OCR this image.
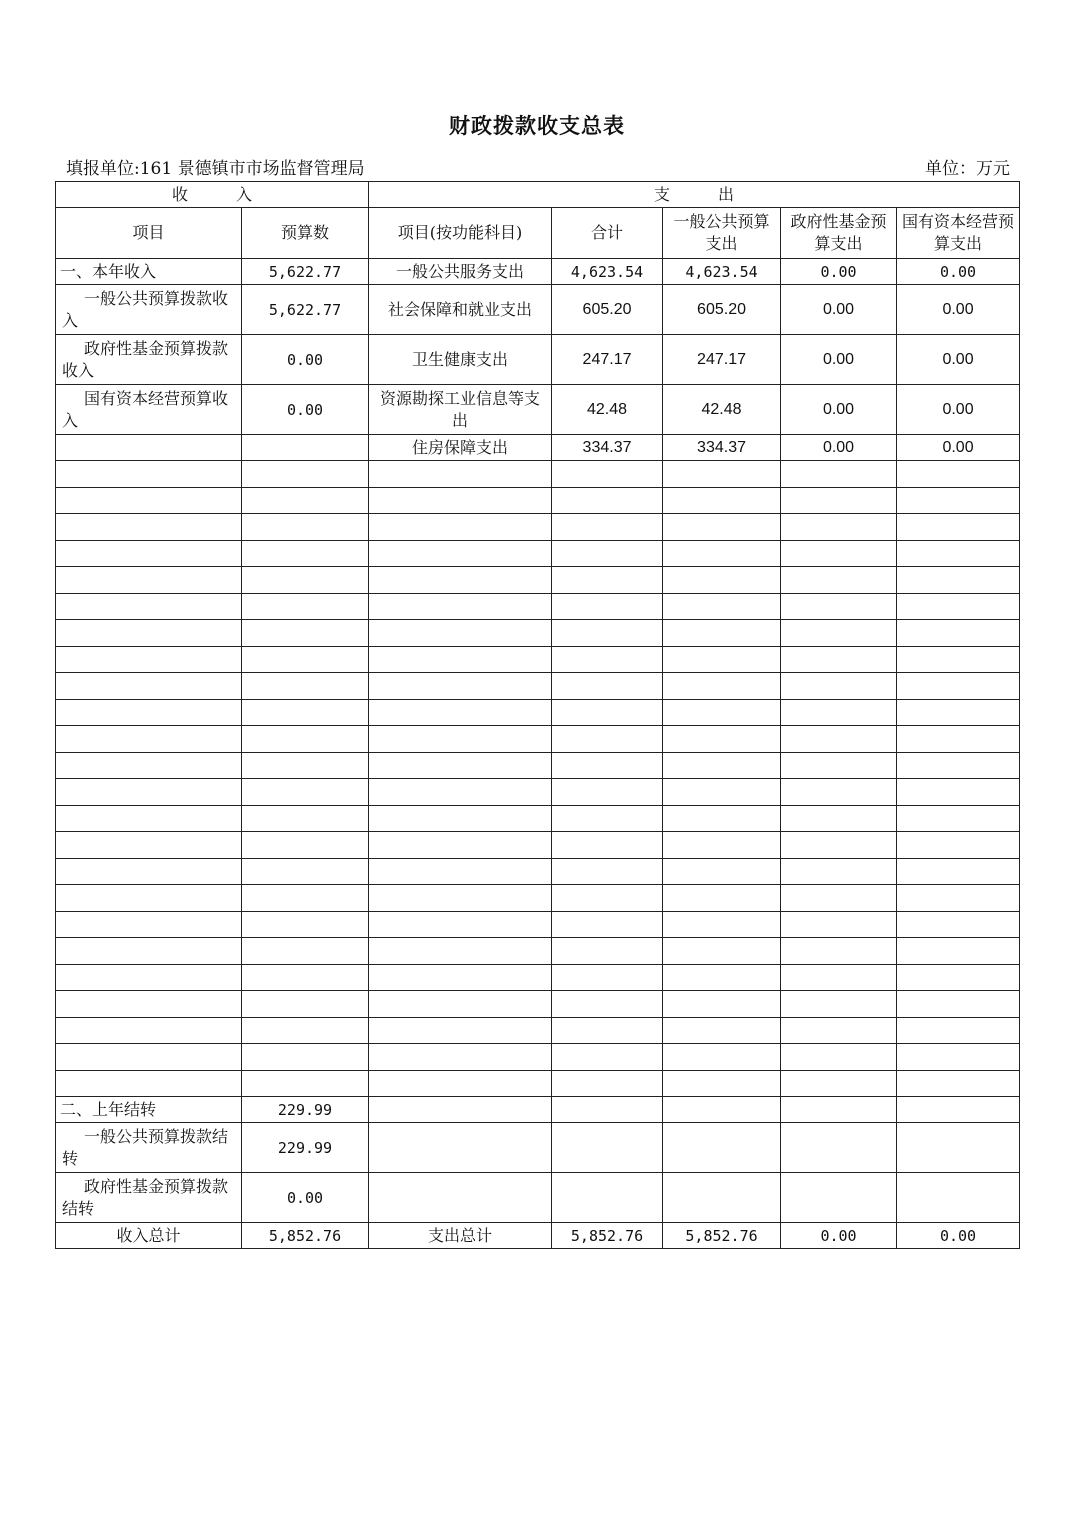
财政拨款收支总表
填报单位:161 景德镇市市场监督管理局	单位：万元
收　　　入		支　　　出				
项目	预算数	项目(按功能科目)	合计	一般公共预算支出	政府性基金预算支出	国有资本经营预算支出
一、本年收入	5,622.77	一般公共服务支出	4,623.54	4,623.54	0.00	0.00
一般公共预算拨款收入	5,622.77	社会保障和就业支出	605.20	605.20	0.00	0.00
政府性基金预算拨款收入	0.00	卫生健康支出	247.17	247.17	0.00	0.00
国有资本经营预算收入	0.00	资源勘探工业信息等支出	42.48	42.48	0.00	0.00
		住房保障支出	334.37	334.37	0.00	0.00

二、上年结转	229.99					
一般公共预算拨款结转	229.99					
政府性基金预算拨款结转	0.00					
收入总计	5,852.76	支出总计	5,852.76	5,852.76	0.00	0.00
